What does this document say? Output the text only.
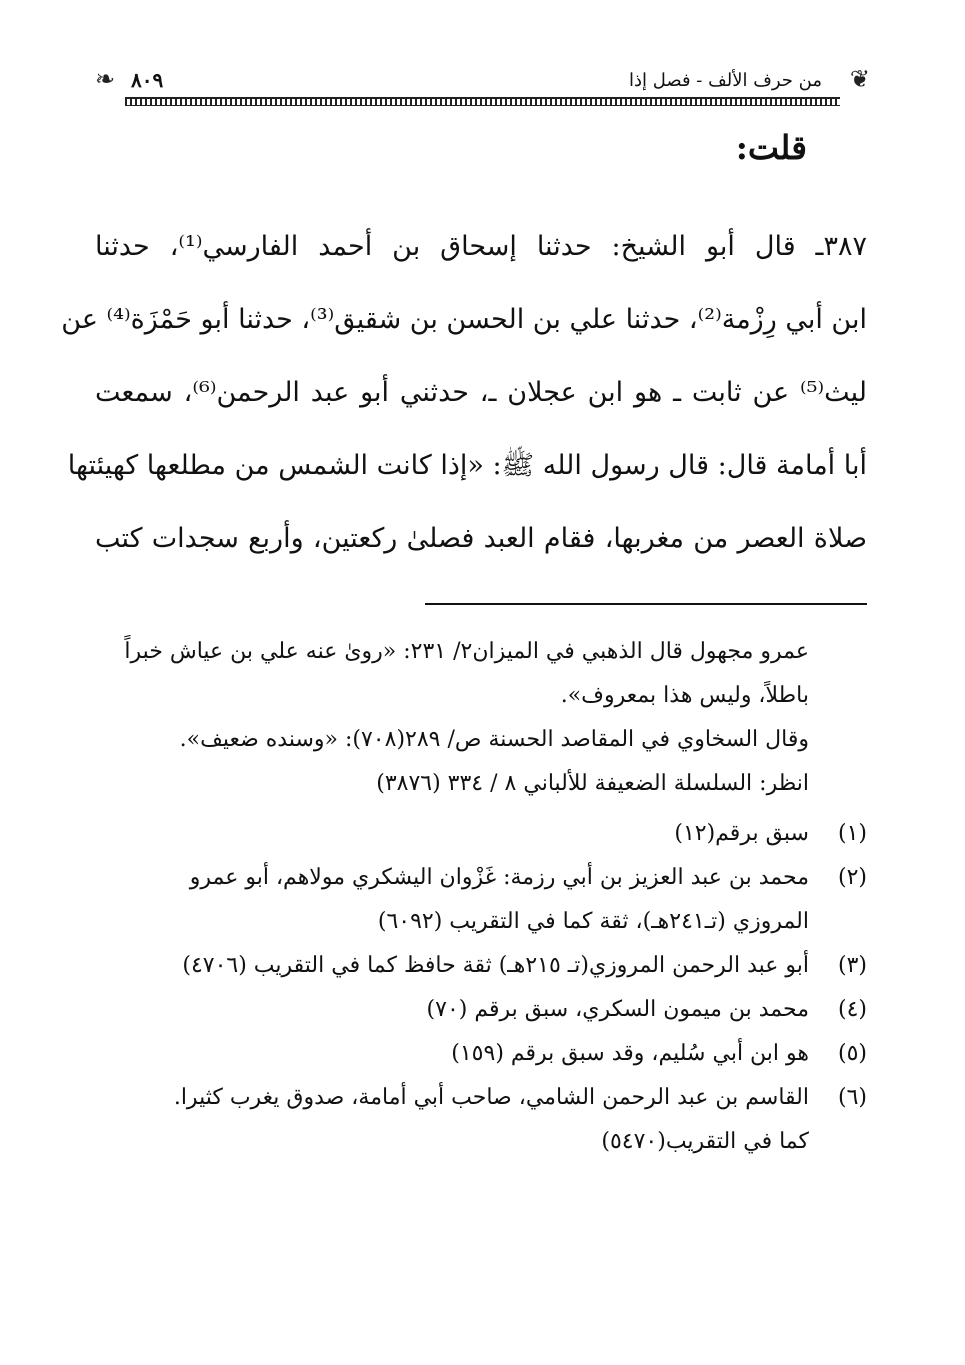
❦
من حرف الألف - فصل إذا
٨٠٩
❧
قلت:
٣٨٧ـ قال أبو الشيخ: حدثنا إسحاق بن أحمد الفارسي⁽¹⁾، حدثنا
ابن أبي رِزْمة⁽²⁾، حدثنا علي بن الحسن بن شقيق⁽³⁾، حدثنا أبو حَمْزَة⁽⁴⁾ عن
ليث⁽⁵⁾ عن ثابت ـ هو ابن عجلان ـ، حدثني أبو عبد الرحمن⁽⁶⁾، سمعت
أبا أمامة قال: قال رسول الله ﷺ: «إذا كانت الشمس من مطلعها كهيئتها
صلاة العصر من مغربها، فقام العبد فصلىٰ ركعتين، وأربع سجدات كتب
عمرو مجهول قال الذهبي في الميزان٢/ ٢٣١: «رویٰ عنه علي بن عياش خبراً
باطلاً، وليس هذا بمعروف».
وقال السخاوي في المقاصد الحسنة ص/ ٢٨٩(٧٠٨): «وسنده ضعيف».
انظر: السلسلة الضعيفة للألباني ٨ / ٣٣٤ (٣٨٧٦)
(١)
سبق برقم(١٢)
(٢)
محمد بن عبد العزيز بن أبي رزمة: غَزْوان اليشكري مولاهم، أبو عمرو
المروزي (تـ٢٤١هـ)، ثقة كما في التقريب (٦٠٩٢)
(٣)
أبو عبد الرحمن المروزي(تـ ٢١٥هـ) ثقة حافظ كما في التقريب (٤٧٠٦)
(٤)
محمد بن ميمون السكري، سبق برقم (٧٠)
(٥)
هو ابن أبي سُليم، وقد سبق برقم (١٥٩)
(٦)
القاسم بن عبد الرحمن الشامي، صاحب أبي أمامة، صدوق يغرب كثيرا.
كما في التقريب(٥٤٧٠)
